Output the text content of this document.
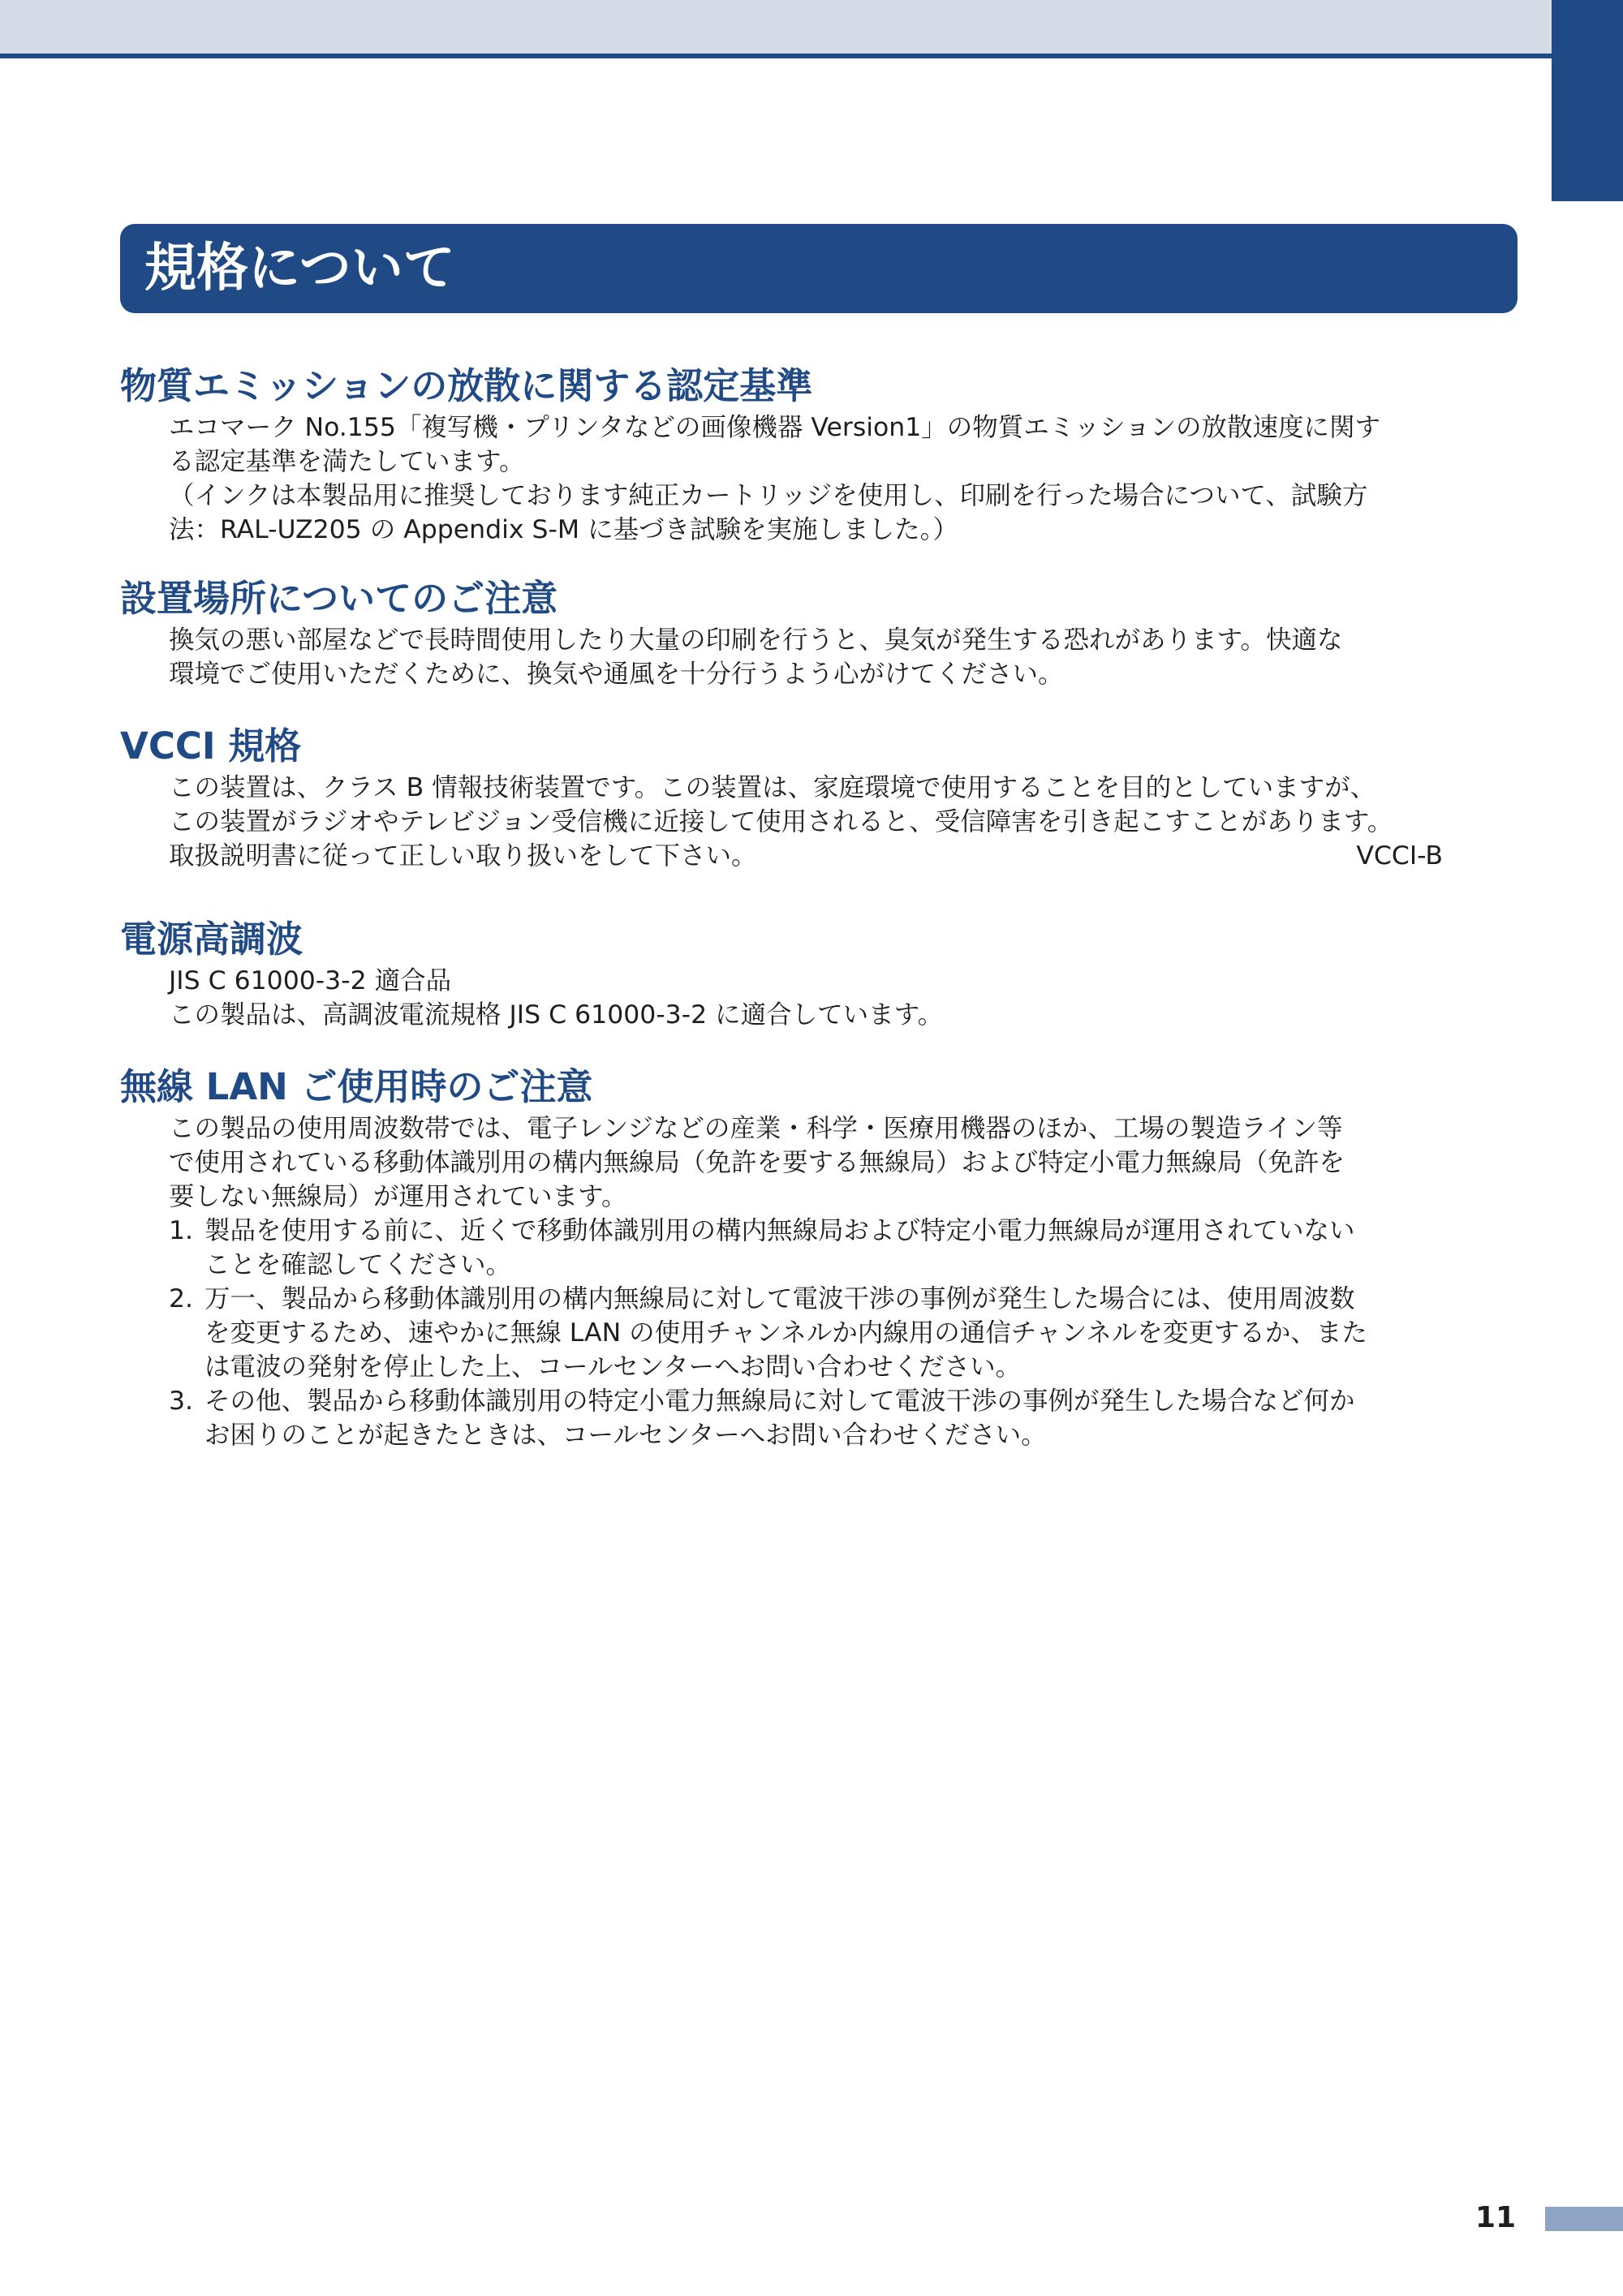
規格について
物質エミッションの放散に関する認定基準

エコマーク No.155「複写機・プリンタなどの画像機器 Version1」の物質エミッションの放散速度に関す

る認定基準を満たしています。

（インクは本製品用に推奨しております純正カートリッジを使用し、印刷を行った場合について、試験方

法：RAL-UZ205 の Appendix S-M に基づき試験を実施しました。）

設置場所についてのご注意

換気の悪い部屋などで長時間使用したり大量の印刷を行うと、臭気が発生する恐れがあります。快適な

環境でご使用いただくために、換気や通風を十分行うよう心がけてください。

VCCI 規格

この装置は、クラス B 情報技術装置です。この装置は、家庭環境で使用することを目的としていますが、

この装置がラジオやテレビジョン受信機に近接して使用されると、受信障害を引き起こすことがあります。

取扱説明書に従って正しい取り扱いをして下さい。	VCCI-B
電源高調波

JIS C 61000-3-2 適合品

この製品は、高調波電流規格 JIS C 61000-3-2 に適合しています。

無線 LAN ご使用時のご注意

この製品の使用周波数帯では、電子レンジなどの産業・科学・医療用機器のほか、工場の製造ライン等

で使用されている移動体識別用の構内無線局（免許を要する無線局）および特定小電力無線局（免許を

要しない無線局）が運用されています。

1. 製品を使用する前に、近くで移動体識別用の構内無線局および特定小電力無線局が運用されていない
ことを確認してください。
2. 万一、製品から移動体識別用の構内無線局に対して電波干渉の事例が発生した場合には、使用周波数
を変更するため、速やかに無線 LAN の使用チャンネルか内線用の通信チャンネルを変更するか、また
は電波の発射を停止した上、コールセンターへお問い合わせください。
3. その他、製品から移動体識別用の特定小電力無線局に対して電波干渉の事例が発生した場合など何か
お困りのことが起きたときは、コールセンターへお問い合わせください。
11
